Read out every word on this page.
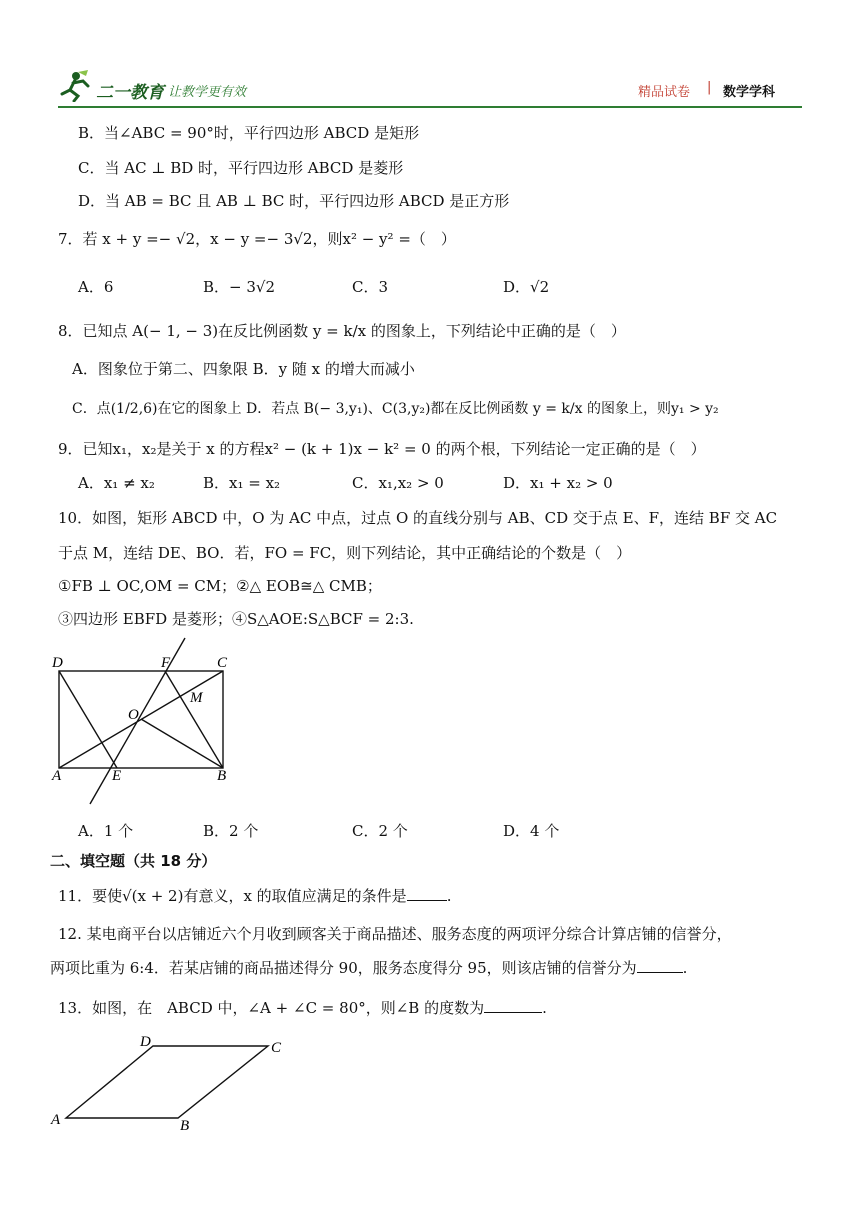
二一教育 让教学更有效	精品试卷 | 数学学科
B．当∠ABC = 90°时，平行四边形 ABCD 是矩形
C．当 AC ⊥ BD 时，平行四边形 ABCD 是菱形
D．当 AB = BC 且 AB ⊥ BC 时，平行四边形 ABCD 是正方形
7．若 x + y =− √2，x − y =− 3√2，则x² − y² =（　）
A．6	B．− 3√2	C．3	D．√2
8．已知点 A(− 1, − 3)在反比例函数 y = k/x 的图象上，下列结论中正确的是（　）
A．图象位于第二、四象限 B．y 随 x 的增大而减小
C．点(1/2,6)在它的图象上 D．若点 B(− 3,y₁)、C(3,y₂)都在反比例函数 y = k/x 的图象上，则y₁ > y₂
9．已知x₁，x₂是关于 x 的方程x² − (k + 1)x − k² = 0 的两个根，下列结论一定正确的是（　）
A．x₁ ≠ x₂	B．x₁ = x₂	C．x₁,x₂ > 0	D．x₁ + x₂ > 0
10．如图，矩形 ABCD 中，O 为 AC 中点，过点 O 的直线分别与 AB、CD 交于点 E、F，连结 BF 交 AC
于点 M，连结 DE、BO．若，FO = FC，则下列结论，其中正确结论的个数是（　）
①FB ⊥ OC,OM = CM；②△ EOB≅△ CMB；
③四边形 EBFD 是菱形；④S△AOE:S△BCF = 2:3.
D	F	C
M
O
A	E	B
A．1 个	B．2 个	C．2 个	D．4 个
二、填空题（共 18 分）
11．要使√(x + 2)有意义，x 的取值应满足的条件是	.
12. 某电商平台以店铺近六个月收到顾客关于商品描述、服务态度的两项评分综合计算店铺的信誉分，
两项比重为 6:4．若某店铺的商品描述得分 90，服务态度得分 95，则该店铺的信誉分为	.
13．如图，在　ABCD 中，∠A + ∠C = 80°，则∠B 的度数为	.
D	C
A	B
